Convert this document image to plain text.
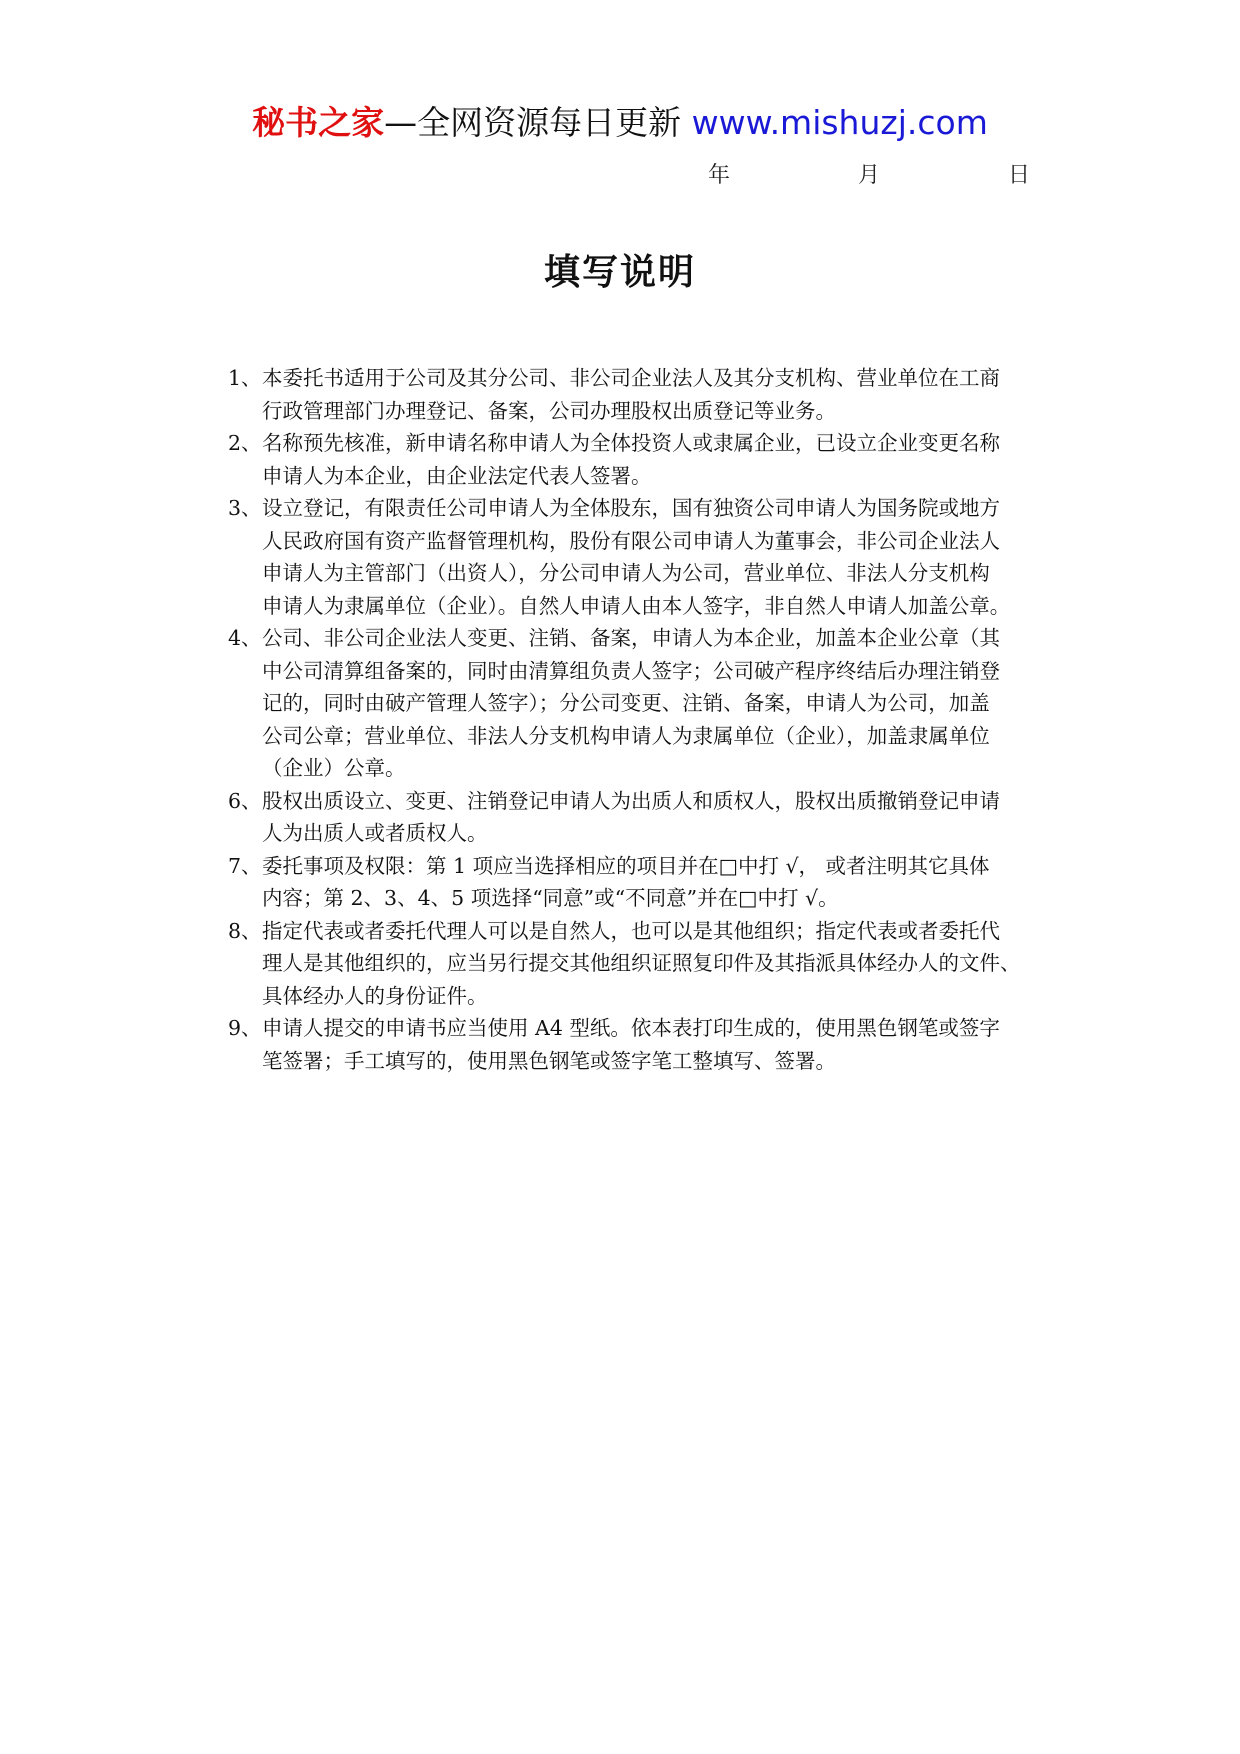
秘书之家—全网资源每日更新 www.mishuzj.com
年	月	日
填写说明
1、 本委托书适用于公司及其分公司、非公司企业法人及其分支机构、营业单位在工商
行政管理部门办理登记、备案，公司办理股权出质登记等业务。
2、 名称预先核准，新申请名称申请人为全体投资人或隶属企业，已设立企业变更名称
申请人为本企业，由企业法定代表人签署。
3、 设立登记，有限责任公司申请人为全体股东，国有独资公司申请人为国务院或地方
人民政府国有资产监督管理机构，股份有限公司申请人为董事会，非公司企业法人
申请人为主管部门（出资人），分公司申请人为公司，营业单位、非法人分支机构
申请人为隶属单位（企业）。自然人申请人由本人签字，非自然人申请人加盖公章。
4、 公司、非公司企业法人变更、注销、备案，申请人为本企业，加盖本企业公章（其
中公司清算组备案的，同时由清算组负责人签字；公司破产程序终结后办理注销登
记的，同时由破产管理人签字）；分公司变更、注销、备案，申请人为公司，加盖
公司公章；营业单位、非法人分支机构申请人为隶属单位（企业），加盖隶属单位
（企业）公章。
6、 股权出质设立、变更、注销登记申请人为出质人和质权人，股权出质撤销登记申请
人为出质人或者质权人。
7、 委托事项及权限：第 1 项应当选择相应的项目并在□中打 √， 或者注明其它具体
内容；第 2、3、4、5 项选择“同意”或“不同意”并在□中打 √。
8、 指定代表或者委托代理人可以是自然人，也可以是其他组织；指定代表或者委托代
理人是其他组织的，应当另行提交其他组织证照复印件及其指派具体经办人的文件、
具体经办人的身份证件。
9、 申请人提交的申请书应当使用 A4 型纸。依本表打印生成的，使用黑色钢笔或签字
笔签署；手工填写的，使用黑色钢笔或签字笔工整填写、签署。
